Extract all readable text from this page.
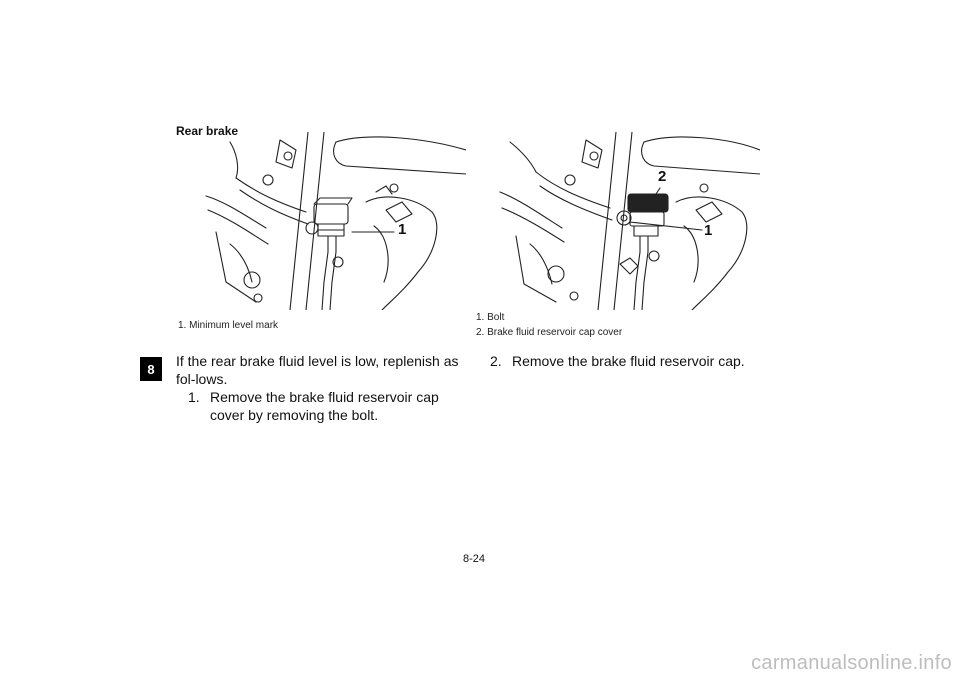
8
Rear brake
1
2
1
1. Minimum level mark
1. Bolt
2. Brake fluid reservoir cap cover
If the rear brake fluid level is low, replenish as fol-lows.
1. Remove the brake fluid reservoir cap cover by removing the bolt.
2. Remove the brake fluid reservoir cap.
8-24
carmanualsonline.info
